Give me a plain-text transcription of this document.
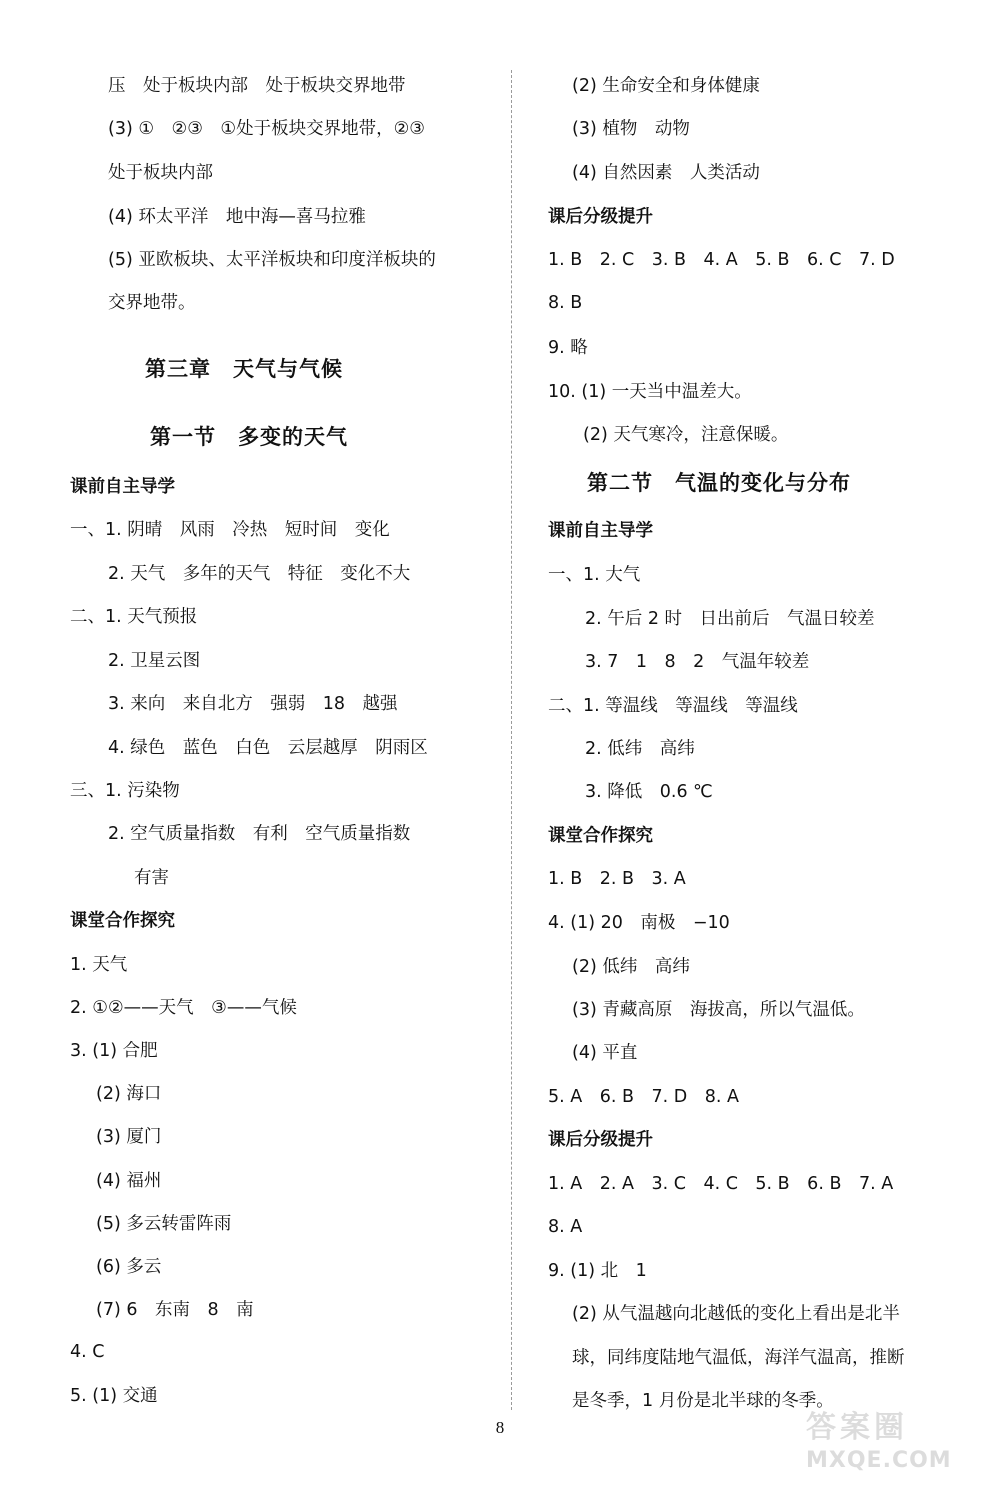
压　处于板块内部　处于板块交界地带
(3) ①　②③　①处于板块交界地带，②③
处于板块内部
(4) 环太平洋　地中海—喜马拉雅
(5) 亚欧板块、太平洋板块和印度洋板块的
交界地带。
第三章　天气与气候
第一节　多变的天气
课前自主导学
一、1. 阴晴　风雨　冷热　短时间　变化
2. 天气　多年的天气　特征　变化不大
二、1. 天气预报
2. 卫星云图
3. 来向　来自北方　强弱　18　越强
4. 绿色　蓝色　白色　云层越厚　阴雨区
三、1. 污染物
2. 空气质量指数　有利　空气质量指数
有害
课堂合作探究
1. 天气
2. ①②——天气　③——气候
3. (1) 合肥
(2) 海口
(3) 厦门
(4) 福州
(5) 多云转雷阵雨
(6) 多云
(7) 6　东南　8　南
4. C
5. (1) 交通
(2) 生命安全和身体健康
(3) 植物　动物
(4) 自然因素　人类活动
课后分级提升
1. B　2. C　3. B　4. A　5. B　6. C　7. D
8. B
9. 略
10. (1) 一天当中温差大。
(2) 天气寒冷，注意保暖。
第二节　气温的变化与分布
课前自主导学
一、1. 大气
2. 午后 2 时　日出前后　气温日较差
3. 7　1　8　2　气温年较差
二、1. 等温线　等温线　等温线
2. 低纬　高纬
3. 降低　0.6 ℃
课堂合作探究
1. B　2. B　3. A
4. (1) 20　南极　−10
(2) 低纬　高纬
(3) 青藏高原　海拔高，所以气温低。
(4) 平直
5. A　6. B　7. D　8. A
课后分级提升
1. A　2. A　3. C　4. C　5. B　6. B　7. A
8. A
9. (1) 北　1
(2) 从气温越向北越低的变化上看出是北半
球，同纬度陆地气温低，海洋气温高，推断
是冬季，1 月份是北半球的冬季。
8	答案圈
MXQE.COM
